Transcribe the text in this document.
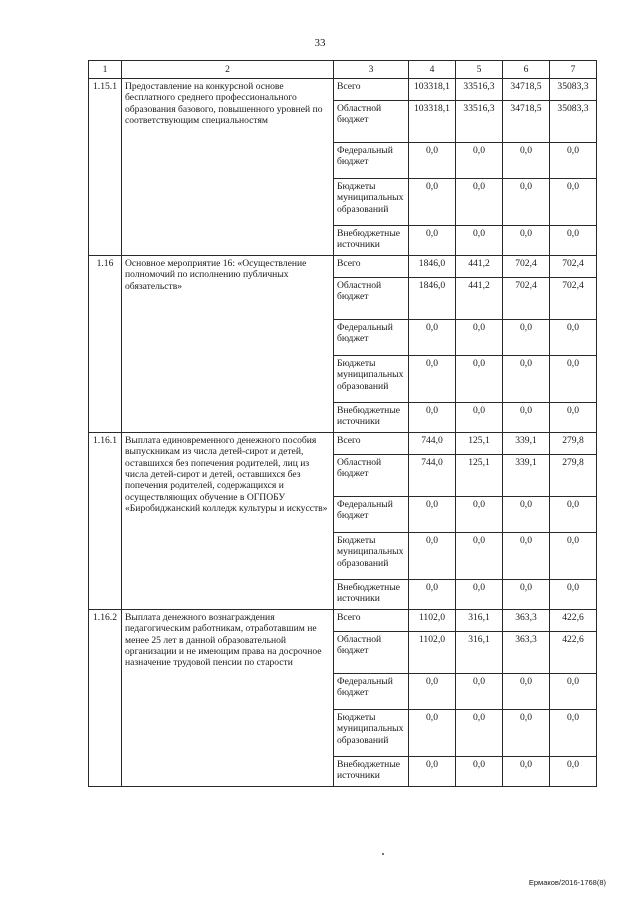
33
1	2	3	4	5	6	7
1.15.1	Предоставление на конкурсной основе бесплатного среднего профессионального образования базового, повышенного уровней по соответствующим специальностям	Всего	103318,1	33516,3	34718,5	35083,3
		Областной бюджет	103318,1	33516,3	34718,5	35083,3
		Федеральный бюджет	0,0	0,0	0,0	0,0
		Бюджеты муниципальных образований	0,0	0,0	0,0	0,0
		Внебюджетные источники	0,0	0,0	0,0	0,0
1.16	Основное мероприятие 16: «Осуществление полномочий по исполнению публичных обязательств»	Всего	1846,0	441,2	702,4	702,4
		Областной бюджет	1846,0	441,2	702,4	702,4
		Федеральный бюджет	0,0	0,0	0,0	0,0
		Бюджеты муниципальных образований	0,0	0,0	0,0	0,0
		Внебюджетные источники	0,0	0,0	0,0	0,0
1.16.1	Выплата единовременного денежного пособия выпускникам из числа детей-сирот и детей, оставшихся без попечения родителей, лиц из числа детей-сирот и детей, оставшихся без попечения родителей, содержащихся и осуществляющих обучение в ОГПОБУ «Биробиджанский колледж культуры и искусств»	Всего	744,0	125,1	339,1	279,8
		Областной бюджет	744,0	125,1	339,1	279,8
		Федеральный бюджет	0,0	0,0	0,0	0,0
		Бюджеты муниципальных образований	0,0	0,0	0,0	0,0
		Внебюджетные источники	0,0	0,0	0,0	0,0
1.16.2	Выплата денежного вознаграждения педагогическим работникам, отработавшим не менее 25 лет в данной образовательной организации и не имеющим права на досрочное назначение трудовой пенсии по старости	Всего	1102,0	316,1	363,3	422,6
		Областной бюджет	1102,0	316,1	363,3	422,6
		Федеральный бюджет	0,0	0,0	0,0	0,0
		Бюджеты муниципальных образований	0,0	0,0	0,0	0,0
		Внебюджетные источники	0,0	0,0	0,0	0,0
Ермаков/2016-1768(8)
